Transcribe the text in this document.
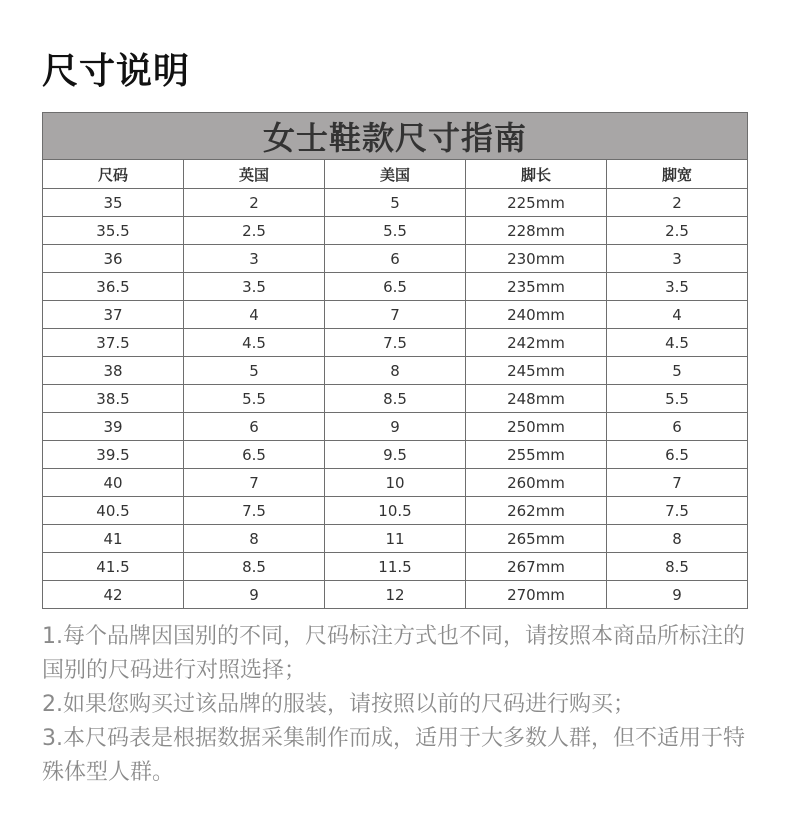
尺寸说明
女士鞋款尺寸指南				
尺码	英国	美国	脚长	脚宽
35	2	5	225mm	2
35.5	2.5	5.5	228mm	2.5
36	3	6	230mm	3
36.5	3.5	6.5	235mm	3.5
37	4	7	240mm	4
37.5	4.5	7.5	242mm	4.5
38	5	8	245mm	5
38.5	5.5	8.5	248mm	5.5
39	6	9	250mm	6
39.5	6.5	9.5	255mm	6.5
40	7	10	260mm	7
40.5	7.5	10.5	262mm	7.5
41	8	11	265mm	8
41.5	8.5	11.5	267mm	8.5
42	9	12	270mm	9

1.每个品牌因国别的不同，尺码标注方式也不同，请按照本商品所标注的国别的尺码进行对照选择；

2.如果您购买过该品牌的服装，请按照以前的尺码进行购买；

3.本尺码表是根据数据采集制作而成，适用于大多数人群，但不适用于特殊体型人群。
